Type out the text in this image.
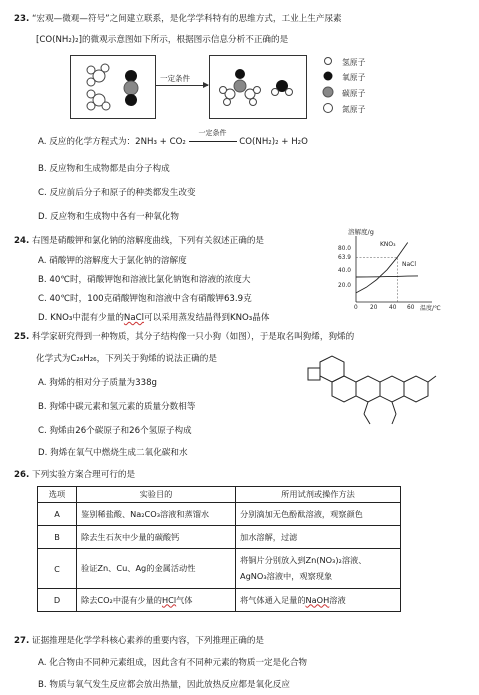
23. “宏观—微观—符号”之间建立联系，是化学学科特有的思维方式，工业上生产尿素
[CO(NH₂)₂]的微观示意图如下所示，根据图示信息分析不正确的是
一定条件
氢原子
氧原子
碳原子
氮原子
A. 反应的化学方程式为：2NH₃ + CO₂
一定条件
CO(NH₂)₂ + H₂O
B. 反应物和生成物都是由分子构成
C. 反应前后分子和原子的种类都发生改变
D. 反应物和生成物中各有一种氧化物
24. 右图是硝酸钾和氯化钠的溶解度曲线，下列有关叙述正确的是
A. 硝酸钾的溶解度大于氯化钠的溶解度
B. 40℃时，硝酸钾饱和溶液比氯化钠饱和溶液的浓度大
C. 40℃时，100克硝酸钾饱和溶液中含有硝酸钾63.9克
D. KNO₃中混有少量的NaCl可以采用蒸发结晶得到KNO₃晶体
溶解度/g
温度/℃
80.0
63.9
40.0
20.0
0 20 40 60
KNO₃
NaCl
25. 科学家研究得到一种物质，其分子结构像一只小狗（如图），于是取名叫狗烯，狗烯的
化学式为C₂₆H₂₆，下列关于狗烯的说法正确的是
A. 狗烯的相对分子质量为338g
B. 狗烯中碳元素和氢元素的质量分数相等
C. 狗烯由26个碳原子和26个氢原子构成
D. 狗烯在氧气中燃烧生成二氧化碳和水
26. 下列实验方案合理可行的是
选项	实验目的	所用试剂或操作方法
A	鉴别稀盐酸、Na₂CO₃溶液和蒸馏水	分别滴加无色酚酞溶液，观察颜色
B	除去生石灰中少量的碳酸钙	加水溶解，过滤
C	验证Zn、Cu、Ag的金属活动性	将铜片分别放入到Zn(NO₃)₂溶液、
AgNO₃溶液中，观察现象

D	除去CO₂中混有少量的HCl气体	将气体通入足量的NaOH溶液
27. 证据推理是化学学科核心素养的重要内容，下列推理正确的是
A. 化合物由不同种元素组成，因此含有不同种元素的物质一定是化合物
B. 物质与氧气发生反应都会放出热量，因此放热反应都是氧化反应
